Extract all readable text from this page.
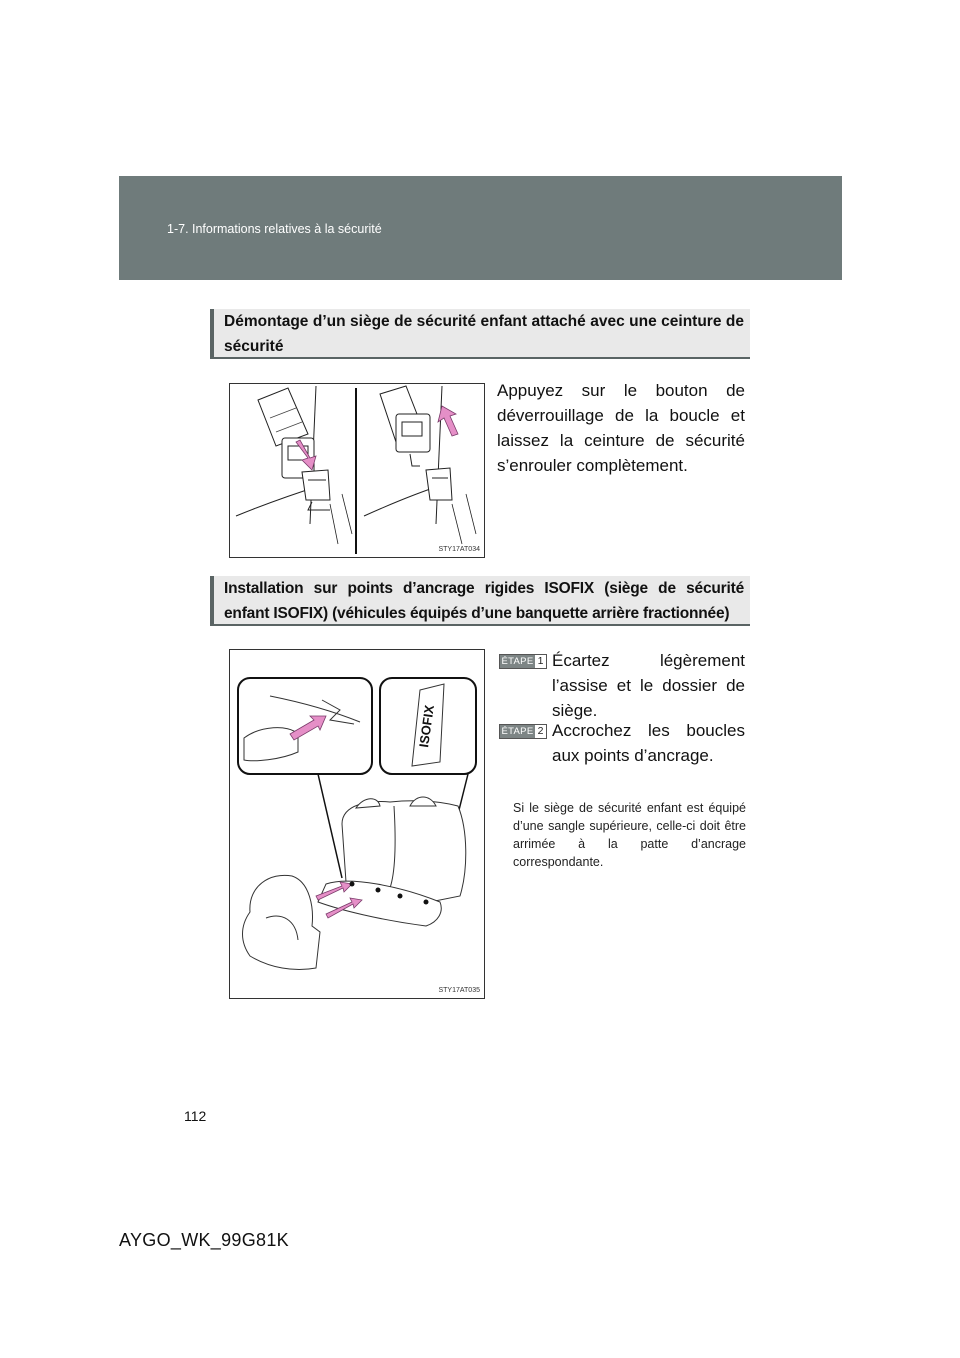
1-7. Informations relatives à la sécurité
Démontage d’un siège de sécurité enfant attaché avec une ceinture de sécurité
STY17AT034
Appuyez sur le bouton de déverrouillage de la boucle et laissez la ceinture de sécurité s’enrouler complètement.
Installation sur points d’ancrage rigides ISOFIX (siège de sécurité enfant ISOFIX) (véhicules équipés d’une banquette arrière fractionnée)
ISOFIX
STY17AT035
ÉTAPE 1 Écartez légèrement l’assise et le dossier de siège.
ÉTAPE 2 Accrochez les boucles aux points d’ancrage.
Si le siège de sécurité enfant est équipé d’une sangle supérieure, celle-ci doit être arrimée à la patte d’ancrage correspondante.
112
AYGO_WK_99G81K
